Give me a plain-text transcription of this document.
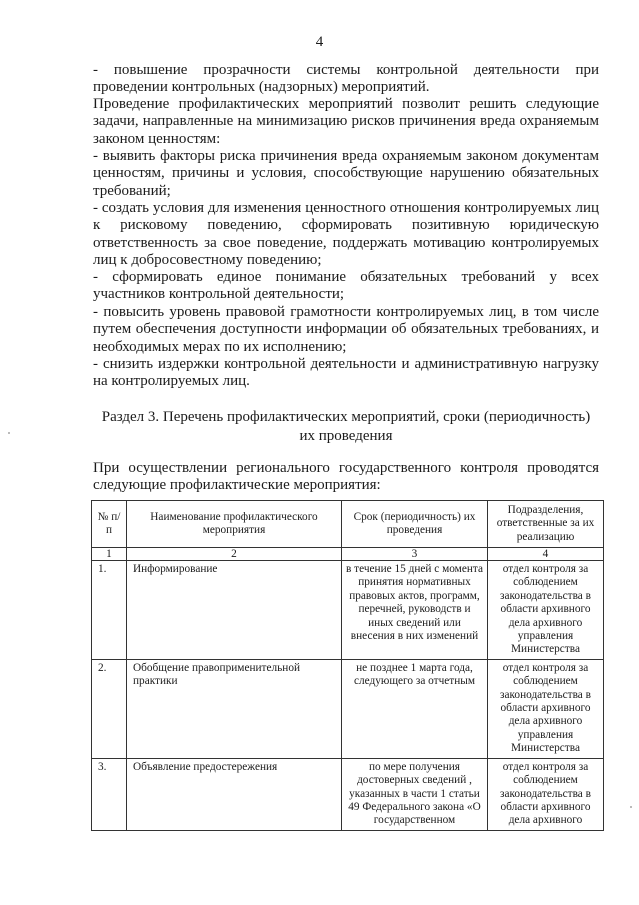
4
- повышение прозрачности системы контрольной деятельности при проведении контрольных (надзорных) мероприятий.
Проведение профилактических мероприятий позволит решить следующие задачи, направленные на минимизацию рисков причинения вреда охраняемым законом ценностям:
- выявить факторы риска причинения вреда охраняемым законом документам ценностям, причины и условия, способствующие нарушению обязательных требований;
- создать условия для изменения ценностного отношения контролируемых лиц к рисковому поведению, сформировать позитивную юридическую ответственность за свое поведение, поддержать мотивацию контролируемых лиц к добросовестному поведению;
- сформировать единое понимание обязательных требований у всех участников контрольной деятельности;
- повысить уровень правовой грамотности контролируемых лиц, в том числе путем обеспечения доступности информации об обязательных требованиях, и необходимых мерах по их исполнению;
- снизить издержки контрольной деятельности и административную нагрузку на контролируемых лиц.
Раздел 3. Перечень профилактических мероприятий, сроки (периодичность) их проведения
При осуществлении регионального государственного контроля проводятся следующие профилактические мероприятия:
№ п/п	Наименование профилактического мероприятия	Срок (периодичность) их проведения	Подразделения, ответственные за их реализацию
1	2	3	4
1.	Информирование	в течение 15 дней с момента принятия нормативных правовых актов, программ, перечней, руководств и иных сведений или внесения в них изменений	отдел контроля за соблюдением законодательства в области архивного дела архивного управления Министерства
2.	Обобщение правоприменительной практики	не позднее 1 марта года, следующего за отчетным	отдел контроля за соблюдением законодательства в области архивного дела архивного управления Министерства
3.	Объявление предостережения	по мере получения достоверных сведений , указанных в части 1 статьи 49 Федерального закона «О государственном	отдел контроля за соблюдением законодательства в области архивного дела архивного
